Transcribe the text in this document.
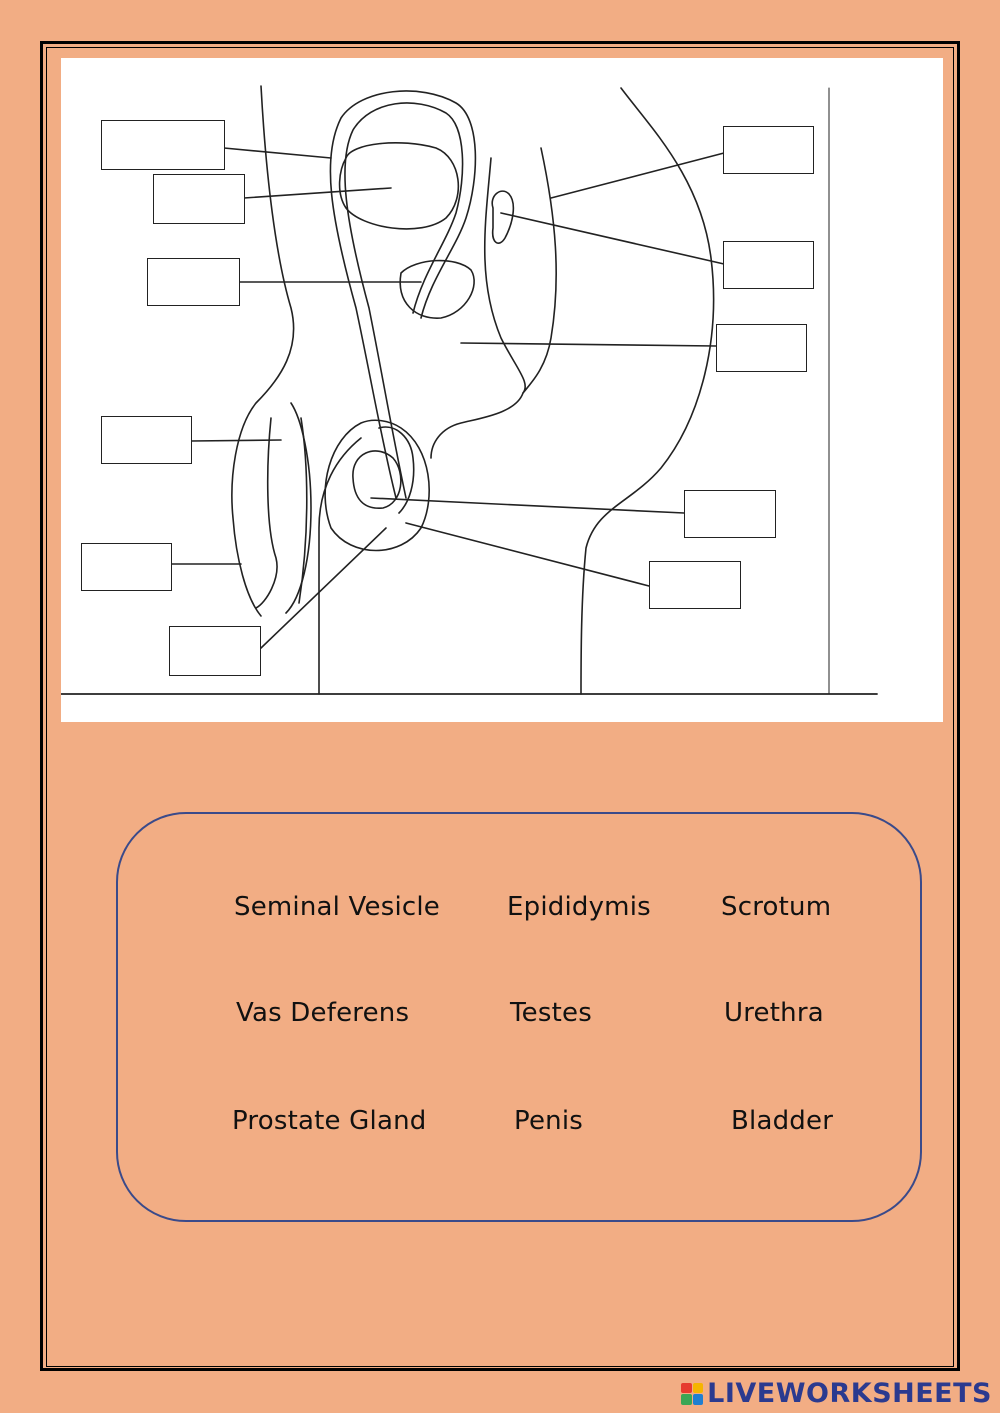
Seminal Vesicle	Epididymis	Scrotum
Vas Deferens	Testes	Urethra
Prostate Gland	Penis	Bladder
LIVEWORKSHEETS
